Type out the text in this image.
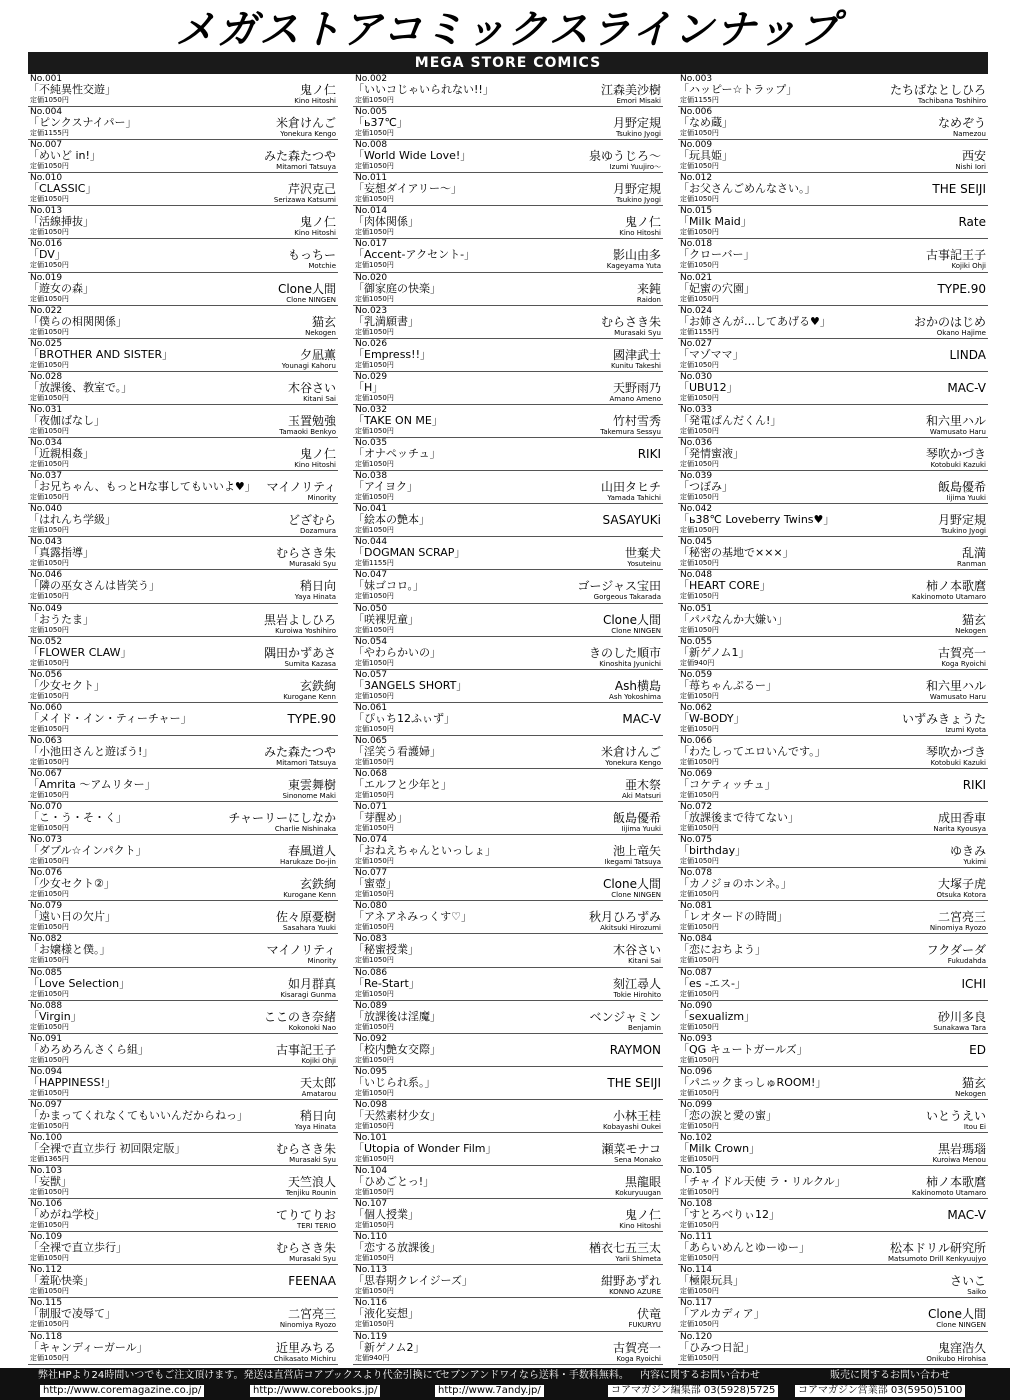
メガストアコミックスラインナップ
MEGA STORE COMICS
No.001
「不純異性交遊」
定価1050円
鬼ノ仁
Kino Hitoshi
No.002
「いいコじゃいられない!!」
定価1050円
江森美沙樹
Emori Misaki
No.003
「ハッピー☆トラップ」
定価1155円
たちばなとしひろ
Tachibana Toshihiro
No.004
「ピンクスナイパー」
定価1155円
米倉けんご
Yonekura Kengo
No.005
「ь37℃」
定価1050円
月野定規
Tsukino Jyogi
No.006
「なめ蔵」
定価1050円
なめぞう
Namezou
No.007
「めいど in!」
定価1050円
みた森たつや
Mitamori Tatsuya
No.008
「World Wide Love!」
定価1050円
泉ゆうじろ〜
Izumi Yuujiro〜
No.009
「玩具姫」
定価1050円
西安
Nishi Iori
No.010
「CLASSIC」
定価1050円
芹沢克己
Serizawa Katsumi
No.011
「妄想ダイアリー〜」
定価1050円
月野定規
Tsukino Jyogi
No.012
「お父さんごめんなさい。」
定価1050円
THE SEIJI
No.013
「活線挿抜」
定価1050円
鬼ノ仁
Kino Hitoshi
No.014
「肉体関係」
定価1050円
鬼ノ仁
Kino Hitoshi
No.015
「Milk Maid」
定価1050円
Rate
No.016
「DV」
定価1050円
もっちー
Motchie
No.017
「Accent-アクセント-」
定価1050円
影山由多
Kageyama Yuta
No.018
「クローバー」
定価1050円
古事記王子
Kojiki Ohji
No.019
「遊女の森」
定価1050円
Clone人間
Clone NINGEN
No.020
「御家庭の快楽」
定価1050円
来鈍
Raidon
No.021
「妃蜜の穴園」
定価1050円
TYPE.90
No.022
「僕らの相関関係」
定価1050円
猫玄
Nekogen
No.023
「乳満願書」
定価1050円
むらさき朱
Murasaki Syu
No.024
「お姉さんが…してあげる♥」
定価1155円
おかのはじめ
Okano Hajime
No.025
「BROTHER AND SISTER」
定価1050円
夕凪薫
Younagi Kahoru
No.026
「Empress!!」
定価1050円
國津武士
Kunitu Takeshi
No.027
「マゾママ」
定価1050円
LINDA
No.028
「放課後、教室で。」
定価1050円
木谷さい
Kitani Sai
No.029
「H」
定価1050円
天野雨乃
Amano Ameno
No.030
「UBU12」
定価1050円
MAC-V
No.031
「夜伽ばなし」
定価1050円
玉置勉強
Tamaoki Benkyo
No.032
「TAKE ON ME」
定価1050円
竹村雪秀
Takemura Sessyu
No.033
「発電ぱんだくん!」
定価1050円
和六里ハル
Wamusato Haru
No.034
「近親相姦」
定価1050円
鬼ノ仁
Kino Hitoshi
No.035
「オナペッチュ」
定価1050円
RIKI
No.036
「発情蜜液」
定価1050円
琴吹かづき
Kotobuki Kazuki
No.037
「お兄ちゃん、もっとHな事してもいいよ♥」
定価1050円
マイノリティ
Minority
No.038
「アイヨク」
定価1050円
山田タヒチ
Yamada Tahichi
No.039
「つぼみ」
定価1050円
飯島優希
Iijima Yuuki
No.040
「はれんち学級」
定価1050円
どざむら
Dozamura
No.041
「絵本の艶本」
定価1050円
SASAYUKi
No.042
「ь38℃ Loveberry Twins♥」
定価1050円
月野定規
Tsukino Jyogi
No.043
「真露指導」
定価1050円
むらさき朱
Murasaki Syu
No.044
「DOGMAN SCRAP」
定価1155円
世棄犬
Yosuteinu
No.045
「秘密の基地で×××」
定価1050円
乱満
Ranman
No.046
「隣の巫女さんは皆笑う」
定価1050円
稍日向
Yaya Hinata
No.047
「妹ゴコロ。」
定価1050円
ゴージャス宝田
Gorgeous Takarada
No.048
「HEART CORE」
定価1050円
柿ノ本歌麿
Kakinomoto Utamaro
No.049
「おうたま」
定価1050円
黒岩よしひろ
Kuroiwa Yoshihiro
No.050
「咲裸児童」
定価1050円
Clone人間
Clone NINGEN
No.051
「パパなんか大嫌い」
定価1050円
猫玄
Nekogen
No.052
「FLOWER CLAW」
定価1050円
隅田かずあさ
Sumita Kazasa
No.054
「やわらかいの」
定価1050円
きのした順市
Kinoshita Jyunichi
No.055
「新ゲノム1」
定価940円
古賀亮一
Koga Ryoichi
No.056
「少女セクト」
定価1050円
玄鉄絢
Kurogane Kenn
No.057
「3ANGELS SHORT」
定価1050円
Ash横島
Ash Yokoshima
No.059
「苺ちゃんぷるー」
定価1050円
和六里ハル
Wamusato Haru
No.060
「メイド・イン・ティーチャー」
定価1050円
TYPE.90
No.061
「ぴぃち12ふぃず」
定価1050円
MAC-V
No.062
「W-BODY」
定価1050円
いずみきょうた
Izumi Kyota
No.063
「小池田さんと遊ぼう!」
定価1050円
みた森たつや
Mitamori Tatsuya
No.065
「淫笑う看護婦」
定価1050円
米倉けんご
Yonekura Kengo
No.066
「わたしってエロいんです。」
定価1050円
琴吹かづき
Kotobuki Kazuki
No.067
「Amrita 〜アムリター」
定価1050円
東雲舞樹
Sinonome Maki
No.068
「エルフと少年と」
定価1050円
亜木祭
Aki Matsuri
No.069
「コケティッチュ」
定価1050円
RIKI
No.070
「こ・う・そ・く」
定価1050円
チャーリーにしなか
Charlie Nishinaka
No.071
「芽醒め」
定価1050円
飯島優希
Iijima Yuuki
No.072
「放課後まで待てない」
定価1050円
成田香車
Narita Kyousya
No.073
「ダブル☆インパクト」
定価1050円
春風道人
Harukaze Do-jin
No.074
「おねえちゃんといっしょ」
定価1050円
池上竜矢
Ikegami Tatsuya
No.075
「birthday」
定価1050円
ゆきみ
Yukimi
No.076
「少女セクト②」
定価1050円
玄鉄絢
Kurogane Kenn
No.077
「蜜壺」
定価1050円
Clone人間
Clone NINGEN
No.078
「カノジョのホンネ。」
定価1050円
大塚子虎
Otsuka Kotora
No.079
「遠い日の欠片」
定価1050円
佐々原憂樹
Sasahara Yuuki
No.080
「アネアネみっくす♡」
定価1050円
秋月ひろずみ
Akitsuki Hirozumi
No.081
「レオタードの時間」
定価1050円
二宮亮三
Ninomiya Ryozo
No.082
「お嬢様と僕。」
定価1050円
マイノリティ
Minority
No.083
「秘蜜授業」
定価1050円
木谷さい
Kitani Sai
No.084
「恋におちよう」
定価1050円
フクダーダ
Fukudahda
No.085
「Love Selection」
定価1050円
如月群真
Kisaragi Gunma
No.086
「Re-Start」
定価1050円
刻江尋人
Tokie Hirohito
No.087
「es -エス-」
定価1050円
ICHI
No.088
「Virgin」
定価1050円
ここのき奈緒
Kokonoki Nao
No.089
「放課後は淫魔」
定価1050円
ベンジャミン
Benjamin
No.090
「sexualizm」
定価1050円
砂川多良
Sunakawa Tara
No.091
「めろめろんさくら組」
定価1050円
古事記王子
Kojiki Ohji
No.092
「校内艶女交際」
定価1050円
RAYMON
No.093
「QG キュートガールズ」
定価1050円
ED
No.094
「HAPPINESS!」
定価1050円
天太郎
Amatarou
No.095
「いじられ系。」
定価1050円
THE SEIJI
No.096
「パニックまっしゅROOM!」
定価1050円
猫玄
Nekogen
No.097
「かまってくれなくてもいいんだからねっ」
定価1050円
稍日向
Yaya Hinata
No.098
「天然素材少女」
定価1050円
小林王桂
Kobayashi Oukei
No.099
「恋の涙と愛の蜜」
定価1050円
いとうえい
Itou Ei
No.100
「全裸で直立歩行 初回限定版」
定価1365円
むらさき朱
Murasaki Syu
No.101
「Utopia of Wonder Film」
定価1050円
瀬菜モナコ
Sena Monako
No.102
「Milk Crown」
定価1050円
黒岩瑪瑙
Kuroiwa Menou
No.103
「妄獣」
定価1050円
天竺浪人
Tenjiku Rounin
No.104
「ひめごとっ!」
定価1050円
黒龍眼
Kokuryuugan
No.105
「チャイドル天使 ラ・リルクル」
定価1050円
柿ノ本歌麿
Kakinomoto Utamaro
No.106
「めがね学校」
定価1050円
てりてりお
TERI TERIO
No.107
「個人授業」
定価1050円
鬼ノ仁
Kino Hitoshi
No.108
「すとろべりぃ12」
定価1050円
MAC-V
No.109
「全裸で直立歩行」
定価1050円
むらさき朱
Murasaki Syu
No.110
「恋する放課後」
定価1050円
楢衣七五三太
Yarii Shimeta
No.111
「あらいめんとゆーゆー」
定価1050円
松本ドリル研究所
Matsumoto Drill Kenkyuujyo
No.112
「羞恥快楽」
定価1050円
FEENAA
No.113
「思春期クレイジーズ」
定価1050円
紺野あずれ
KONNO AZURE
No.114
「極限玩具」
定価1050円
さいこ
Saiko
No.115
「制服で凌辱て」
定価1050円
二宮亮三
Ninomiya Ryozo
No.116
「液化妄想」
定価1050円
伏竜
FUKURYU
No.117
「アルカディア」
定価1050円
Clone人間
Clone NINGEN
No.118
「キャンディーガール」
定価1050円
近里みちる
Chikasato Michiru
No.119
「新ゲノム2」
定価940円
古賀亮一
Koga Ryoichi
No.120
「ひみつ日記」
定価1050円
鬼窪浩久
Onikubo Hirohisa
弊社HPより24時間いつでもご注文頂けます。発送は直営店コアブックスより代金引換にて
セブンアンドワイなら送料・手数料無料。 内容に関するお問い合わせ	販売に関するお問い合わせ
http://www.coremagazine.co.jp/	http://www.corebooks.jp/	http://www.7andy.jp/	コアマガジン編集部 03(5928)5725	コアマガジン営業部 03(5950)5100
